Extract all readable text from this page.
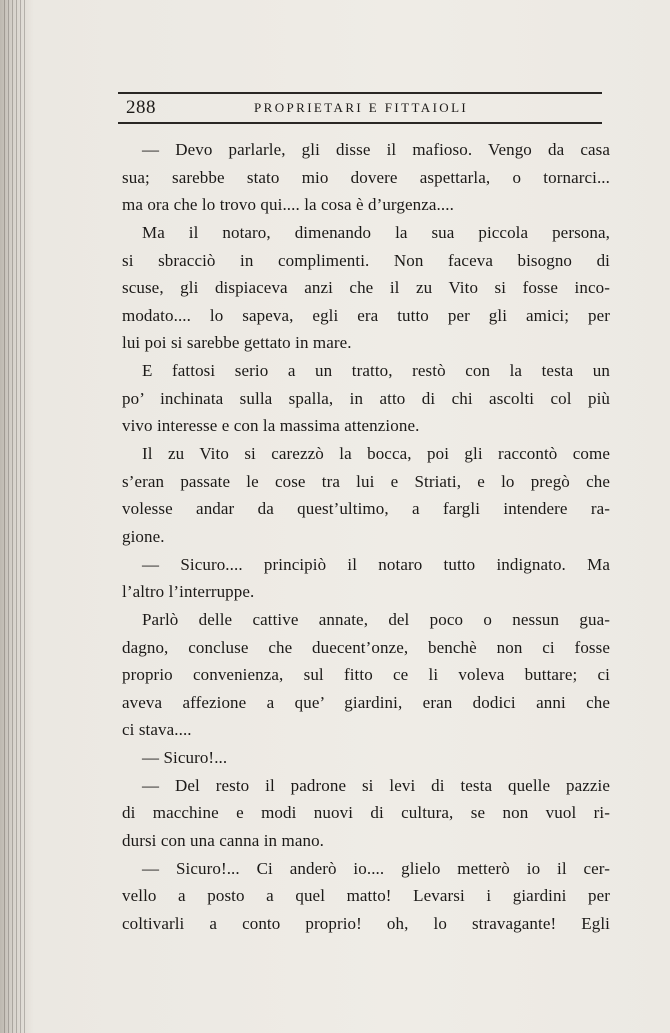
288	PROPRIETARI E FITTAIOLI
— Devo parlarle, gli disse il mafioso. Vengo da casa
sua; sarebbe stato mio dovere aspettarla, o tornarci...
ma ora che lo trovo qui.... la cosa è d’urgenza....
Ma il notaro, dimenando la sua piccola persona,
si sbracciò in complimenti. Non faceva bisogno di
scuse, gli dispiaceva anzi che il zu Vito si fosse inco-
modato.... lo sapeva, egli era tutto per gli amici; per
lui poi si sarebbe gettato in mare.
E fattosi serio a un tratto, restò con la testa un
po’ inchinata sulla spalla, in atto di chi ascolti col più
vivo interesse e con la massima attenzione.
Il zu Vito si carezzò la bocca, poi gli raccontò come
s’eran passate le cose tra lui e Striati, e lo pregò che
volesse andar da quest’ultimo, a fargli intendere ra-
gione.
— Sicuro.... principiò il notaro tutto indignato. Ma
l’altro l’interruppe.
Parlò delle cattive annate, del poco o nessun gua-
dagno, concluse che duecent’onze, benchè non ci fosse
proprio convenienza, sul fitto ce li voleva buttare; ci
aveva affezione a que’ giardini, eran dodici anni che
ci stava....
— Sicuro!...
— Del resto il padrone si levi di testa quelle pazzie
di macchine e modi nuovi di cultura, se non vuol ri-
dursi con una canna in mano.
— Sicuro!... Ci anderò io.... glielo metterò io il cer-
vello a posto a quel matto! Levarsi i giardini per
coltivarli a conto proprio! oh, lo stravagante! Egli
